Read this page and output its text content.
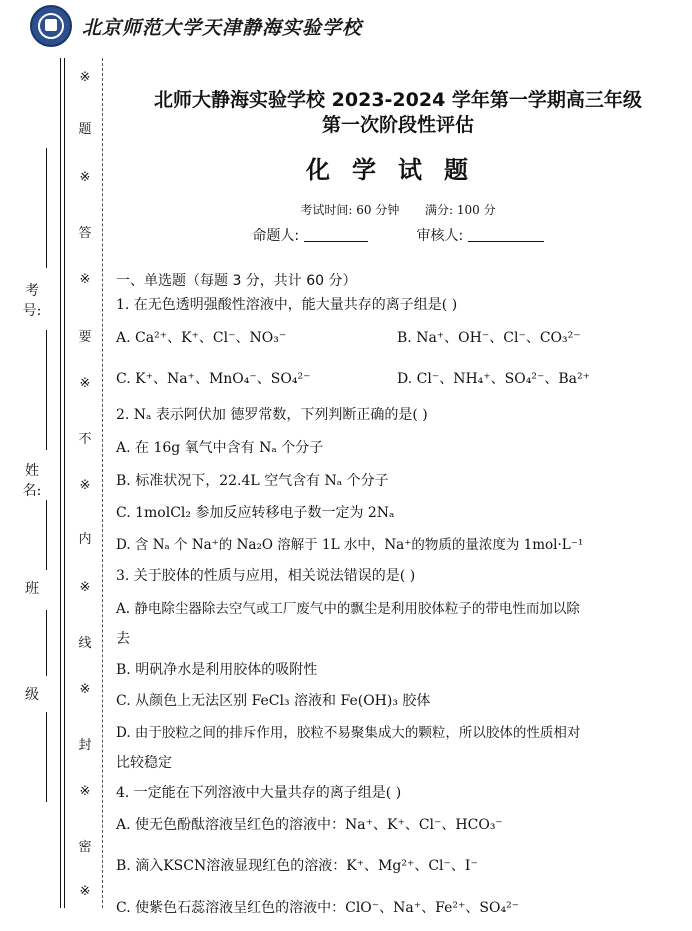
北京师范大学天津静海实验学校
※
题
※
答
※
要
※
不
※
内
※
线
※
封
※
密
※
考号:
姓名:
班
级
北师大静海实验学校 2023-2024 学年第一学期高三年级
第一次阶段性评估
化学试题
考试时间: 60 分钟 满分: 100 分
命题人:	审核人:
一、单选题（每题 3 分，共计 60 分）
1. 在无色透明强酸性溶液中，能大量共存的离子组是( )
A. Ca²⁺、K⁺、Cl⁻、NO₃⁻	B. Na⁺、OH⁻、Cl⁻、CO₃²⁻
C. K⁺、Na⁺、MnO₄⁻、SO₄²⁻	D. Cl⁻、NH₄⁺、SO₄²⁻、Ba²⁺
2. Nₐ 表示阿伏加 德罗常数，下列判断正确的是( )
A. 在 16g 氧气中含有 Nₐ 个分子
B. 标准状况下，22.4L 空气含有 Nₐ 个分子
C. 1molCl₂ 参加反应转移电子数一定为 2Nₐ
D. 含 Nₐ 个 Na⁺的 Na₂O 溶解于 1L 水中，Na⁺的物质的量浓度为 1mol·L⁻¹
3. 关于胶体的性质与应用，相关说法错误的是( )
A. 静电除尘器除去空气或工厂废气中的飘尘是利用胶体粒子的带电性而加以除
去
B. 明矾净水是利用胶体的吸附性
C. 从颜色上无法区别 FeCl₃ 溶液和 Fe(OH)₃ 胶体
D. 由于胶粒之间的排斥作用，胶粒不易聚集成大的颗粒，所以胶体的性质相对
比较稳定
4. 一定能在下列溶液中大量共存的离子组是( )
A. 使无色酚酞溶液呈红色的溶液中：Na⁺、K⁺、Cl⁻、HCO₃⁻
B. 滴入KSCN溶液显现红色的溶液：K⁺、Mg²⁺、Cl⁻、I⁻
C. 使紫色石蕊溶液呈红色的溶液中：ClO⁻、Na⁺、Fe²⁺、SO₄²⁻
